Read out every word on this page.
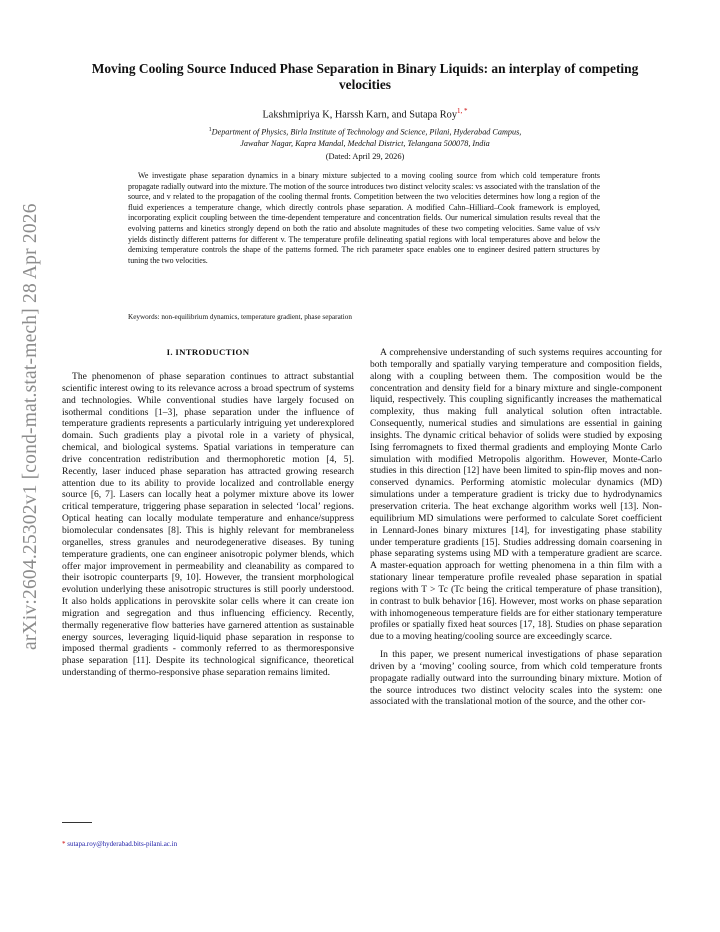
arXiv:2604.25302v1 [cond-mat.stat-mech] 28 Apr 2026
Moving Cooling Source Induced Phase Separation in Binary Liquids: an interplay of competing velocities
Lakshmipriya K, Harssh Karn, and Sutapa Roy$^{1, *}$
$^1$Department of Physics, Birla Institute of Technology and Science, Pilani, Hyderabad Campus,
Jawahar Nagar, Kapra Mandal, Medchal District, Telangana 500078, India
(Dated: April 29, 2026)
We investigate phase separation dynamics in a binary mixture subjected to a moving cooling source from which cold temperature fronts propagate radially outward into the mixture. The motion of the source introduces two distinct velocity scales: vs associated with the translation of the source, and v related to the propagation of the cooling thermal fronts. Competition between the two velocities determines how long a region of the fluid experiences a temperature change, which directly controls phase separation. A modified Cahn–Hilliard–Cook framework is employed, incorporating explicit coupling between the time-dependent temperature and concentration fields. Our numerical simulation results reveal that the evolving patterns and kinetics strongly depend on both the ratio and absolute magnitudes of these two competing velocities. Same value of vs/v yields distinctly different patterns for different v. The temperature profile delineating spatial regions with local temperatures above and below the demixing temperature controls the shape of the patterns formed. The rich parameter space enables one to engineer desired pattern structures by tuning the two velocities.
Keywords: non-equilibrium dynamics, temperature gradient, phase separation
I. INTRODUCTION

The phenomenon of phase separation continues to attract substantial scientific interest owing to its relevance across a broad spectrum of systems and technologies. While conventional studies have largely focused on isothermal conditions [1–3], phase separation under the influence of temperature gradients represents a particularly intriguing yet underexplored domain. Such gradients play a pivotal role in a variety of physical, chemical, and biological systems. Spatial variations in temperature can drive concentration redistribution and thermophoretic motion [4, 5]. Recently, laser induced phase separation has attracted growing research attention due to its ability to provide localized and controllable energy source [6, 7]. Lasers can locally heat a polymer mixture above its lower critical temperature, triggering phase separation in selected ‘local’ regions. Optical heating can locally modulate temperature and enhance/suppress biomolecular condensates [8]. This is highly relevant for membraneless organelles, stress granules and neurodegenerative diseases. By tuning temperature gradients, one can engineer anisotropic polymer blends, which offer major improvement in permeability and cleanability as compared to their isotropic counterparts [9, 10]. However, the transient morphological evolution underlying these anisotropic structures is still poorly understood. It also holds applications in perovskite solar cells where it can create ion migration and segregation and thus influencing efficiency. Recently, thermally regenerative flow batteries have garnered attention as sustainable energy sources, leveraging liquid-liquid phase separation in response to imposed thermal gradients - commonly referred to as thermoresponsive phase separation [11]. Despite its technological significance, theoretical understanding of thermo-responsive phase separation remains limited.

A comprehensive understanding of such systems requires accounting for both temporally and spatially varying temperature and composition fields, along with a coupling between them. The composition would be the concentration and density field for a binary mixture and single-component liquid, respectively. This coupling significantly increases the mathematical complexity, thus making full analytical solution often intractable. Consequently, numerical studies and simulations are essential in gaining insights. The dynamic critical behavior of solids were studied by exposing Ising ferromagnets to fixed thermal gradients and employing Monte Carlo simulation with modified Metropolis algorithm. However, Monte-Carlo studies in this direction [12] have been limited to spin-flip moves and non-conserved dynamics. Performing atomistic molecular dynamics (MD) simulations under a temperature gradient is tricky due to hydrodynamics preservation criteria. The heat exchange algorithm works well [13]. Non-equilibrium MD simulations were performed to calculate Soret coefficient in Lennard-Jones binary mixtures [14], for investigating phase stability under temperature gradients [15]. Studies addressing domain coarsening in phase separating systems using MD with a temperature gradient are scarce. A master-equation approach for wetting phenomena in a thin film with a stationary linear temperature profile revealed phase separation in spatial regions with T > Tc (Tc being the critical temperature of phase transition), in contrast to bulk behavior [16]. However, most works on phase separation with inhomogeneous temperature fields are for either stationary temperature profiles or spatially fixed heat sources [17, 18]. Studies on phase separation due to a moving heating/cooling source are exceedingly scarce.

In this paper, we present numerical investigations of phase separation driven by a ‘moving’ cooling source, from which cold temperature fronts propagate radially outward into the surrounding binary mixture. Motion of the source introduces two distinct velocity scales into the system: one associated with the translational motion of the source, and the other cor-

* sutapa.roy@hyderabad.bits-pilani.ac.in
